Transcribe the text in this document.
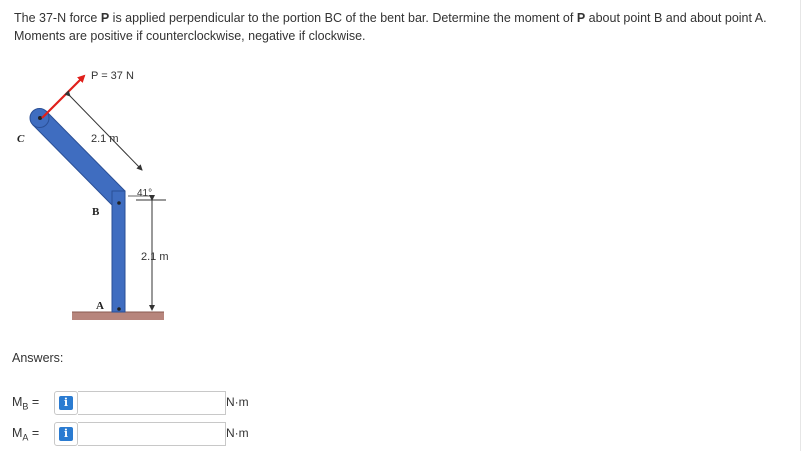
The 37-N force P is applied perpendicular to the portion BC of the bent bar. Determine the moment of P about point B and about point A. Moments are positive if counterclockwise, negative if clockwise.
P = 37 N
C	2.1 m
41°
B
2.1 m
A
Answers:
$M_B$ =	i	N·m
$M_A$ =	i	N·m
